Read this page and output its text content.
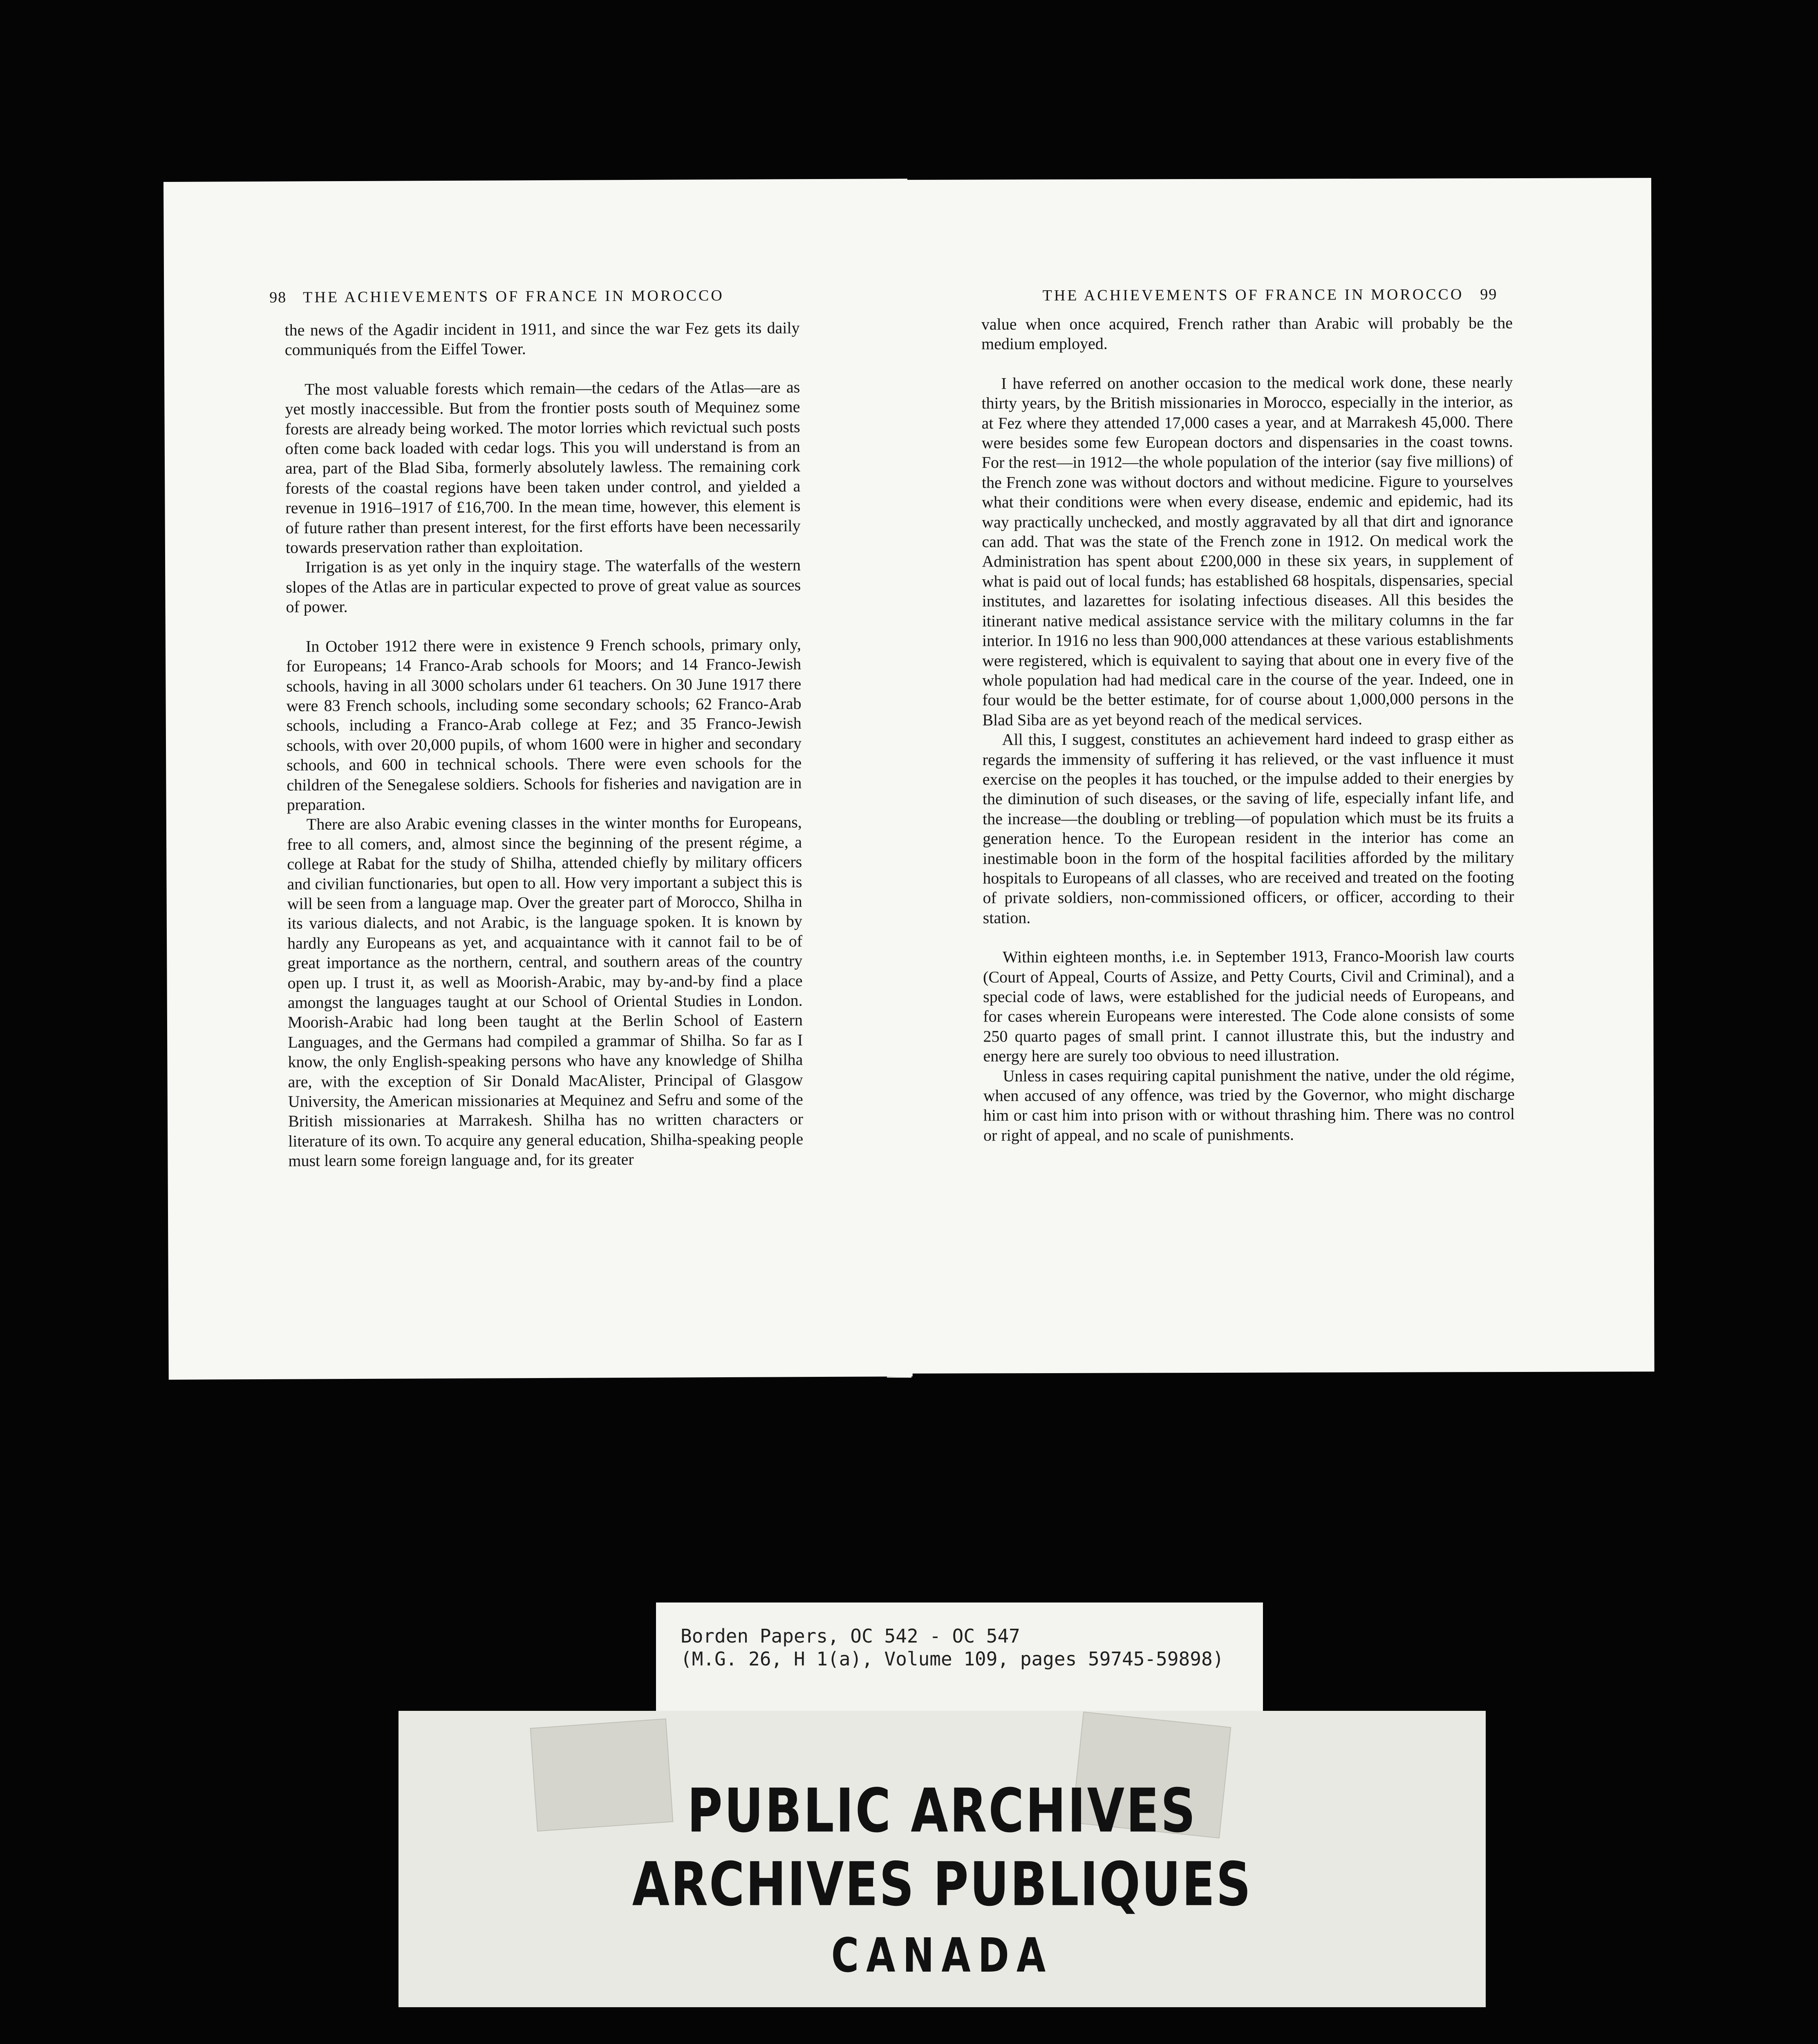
98 THE ACHIEVEMENTS OF FRANCE IN MOROCCO

the news of the Agadir incident in 1911, and since the war Fez gets its daily communiqués from the Eiffel Tower.

The most valuable forests which remain—the cedars of the Atlas—are as yet mostly inaccessible. But from the frontier posts south of Mequinez some forests are already being worked. The motor lorries which revictual such posts often come back loaded with cedar logs. This you will understand is from an area, part of the Blad Siba, formerly absolutely lawless. The remaining cork forests of the coastal regions have been taken under control, and yielded a revenue in 1916–1917 of £16,700. In the mean time, however, this element is of future rather than present interest, for the first efforts have been necessarily towards preservation rather than exploitation.

Irrigation is as yet only in the inquiry stage. The waterfalls of the western slopes of the Atlas are in particular expected to prove of great value as sources of power.

In October 1912 there were in existence 9 French schools, primary only, for Europeans; 14 Franco-Arab schools for Moors; and 14 Franco-Jewish schools, having in all 3000 scholars under 61 teachers. On 30 June 1917 there were 83 French schools, including some secondary schools; 62 Franco-Arab schools, including a Franco-Arab college at Fez; and 35 Franco-Jewish schools, with over 20,000 pupils, of whom 1600 were in higher and secondary schools, and 600 in technical schools. There were even schools for the children of the Senegalese soldiers. Schools for fisheries and navigation are in preparation.

There are also Arabic evening classes in the winter months for Europeans, free to all comers, and, almost since the beginning of the present régime, a college at Rabat for the study of Shilha, attended chiefly by military officers and civilian functionaries, but open to all. How very important a subject this is will be seen from a language map. Over the greater part of Morocco, Shilha in its various dialects, and not Arabic, is the language spoken. It is known by hardly any Europeans as yet, and acquaintance with it cannot fail to be of great importance as the northern, central, and southern areas of the country open up. I trust it, as well as Moorish-Arabic, may by-and-by find a place amongst the languages taught at our School of Oriental Studies in London. Moorish-Arabic had long been taught at the Berlin School of Eastern Languages, and the Germans had compiled a grammar of Shilha. So far as I know, the only English-speaking persons who have any knowledge of Shilha are, with the exception of Sir Donald MacAlister, Principal of Glasgow University, the American missionaries at Mequinez and Sefru and some of the British missionaries at Marrakesh. Shilha has no written characters or literature of its own. To acquire any general education, Shilha-speaking people must learn some foreign language and, for its greater

THE ACHIEVEMENTS OF FRANCE IN MOROCCO 99

value when once acquired, French rather than Arabic will probably be the medium employed.

I have referred on another occasion to the medical work done, these nearly thirty years, by the British missionaries in Morocco, especially in the interior, as at Fez where they attended 17,000 cases a year, and at Marrakesh 45,000. There were besides some few European doctors and dispensaries in the coast towns. For the rest—in 1912—the whole population of the interior (say five millions) of the French zone was without doctors and without medicine. Figure to yourselves what their conditions were when every disease, endemic and epidemic, had its way practically unchecked, and mostly aggravated by all that dirt and ignorance can add. That was the state of the French zone in 1912. On medical work the Administration has spent about £200,000 in these six years, in supplement of what is paid out of local funds; has established 68 hospitals, dispensaries, special institutes, and lazarettes for isolating infectious diseases. All this besides the itinerant native medical assistance service with the military columns in the far interior. In 1916 no less than 900,000 attendances at these various establishments were registered, which is equivalent to saying that about one in every five of the whole population had had medical care in the course of the year. Indeed, one in four would be the better estimate, for of course about 1,000,000 persons in the Blad Siba are as yet beyond reach of the medical services.

All this, I suggest, constitutes an achievement hard indeed to grasp either as regards the immensity of suffering it has relieved, or the vast influence it must exercise on the peoples it has touched, or the impulse added to their energies by the diminution of such diseases, or the saving of life, especially infant life, and the increase—the doubling or trebling—of population which must be its fruits a generation hence. To the European resident in the interior has come an inestimable boon in the form of the hospital facilities afforded by the military hospitals to Europeans of all classes, who are received and treated on the footing of private soldiers, non-commissioned officers, or officer, according to their station.

Within eighteen months, i.e. in September 1913, Franco-Moorish law courts (Court of Appeal, Courts of Assize, and Petty Courts, Civil and Criminal), and a special code of laws, were established for the judicial needs of Europeans, and for cases wherein Europeans were interested. The Code alone consists of some 250 quarto pages of small print. I cannot illustrate this, but the industry and energy here are surely too obvious to need illustration.

Unless in cases requiring capital punishment the native, under the old régime, when accused of any offence, was tried by the Governor, who might discharge him or cast him into prison with or without thrashing him. There was no control or right of appeal, and no scale of punishments.

Borden Papers, OC 542 - OC 547
(M.G. 26, H 1(a), Volume 109, pages 59745-59898)
PUBLIC ARCHIVES
ARCHIVES PUBLIQUES
CANADA
